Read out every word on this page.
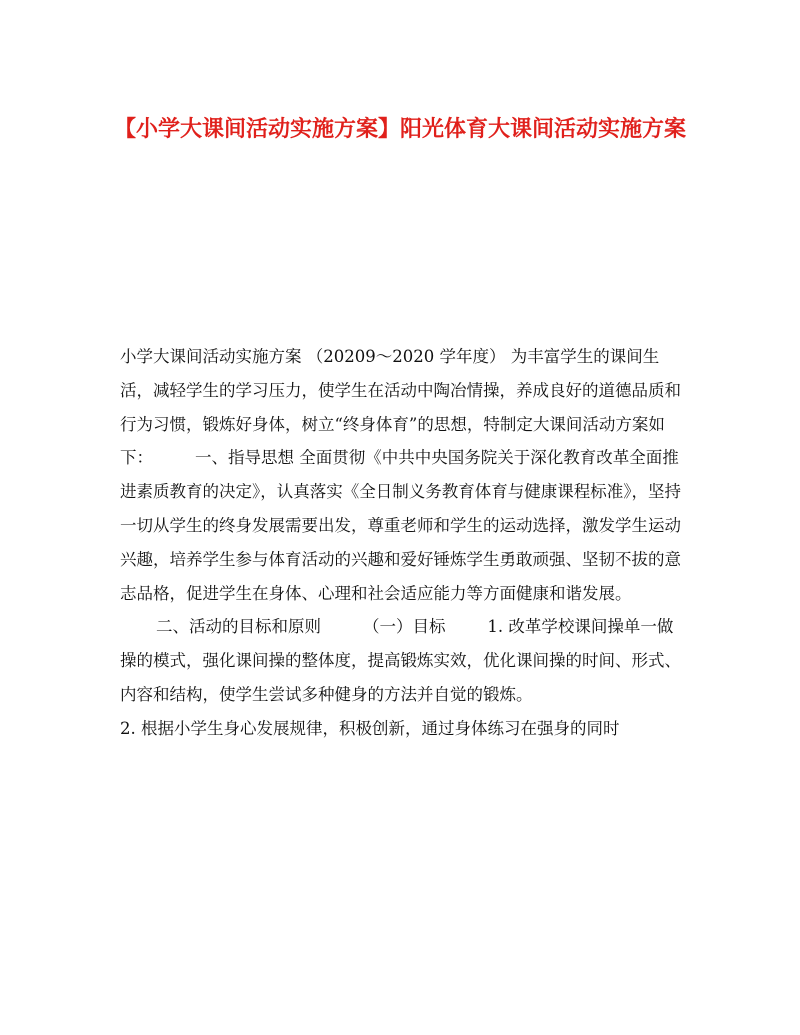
【小学大课间活动实施方案】阳光体育大课间活动实施方案

小学大课间活动实施方案 （20209～2020 学年度） 为丰富学生的课间生活，减轻学生的学习压力，使学生在活动中陶冶情操，养成良好的道德品质和行为习惯，锻炼好身体，树立“终身体育”的思想，特制定大课间活动方案如下：        一、指导思想 全面贯彻《中共中央国务院关于深化教育改革全面推进素质教育的决定》，认真落实《全日制义务教育体育与健康课程标准》，坚持一切从学生的终身发展需要出发，尊重老师和学生的运动选择，激发学生运动兴趣，培养学生参与体育活动的兴趣和爱好锤炼学生勇敢顽强、坚韧不拔的意志品格，促进学生在身体、心理和社会适应能力等方面健康和谐发展。

二、活动的目标和原则        （一）目标        1. 改革学校课间操单一做操的模式，强化课间操的整体度，提高锻炼实效，优化课间操的时间、形式、内容和结构，使学生尝试多种健身的方法并自觉的锻炼。

2. 根据小学生身心发展规律，积极创新，通过身体练习在强身的同时
